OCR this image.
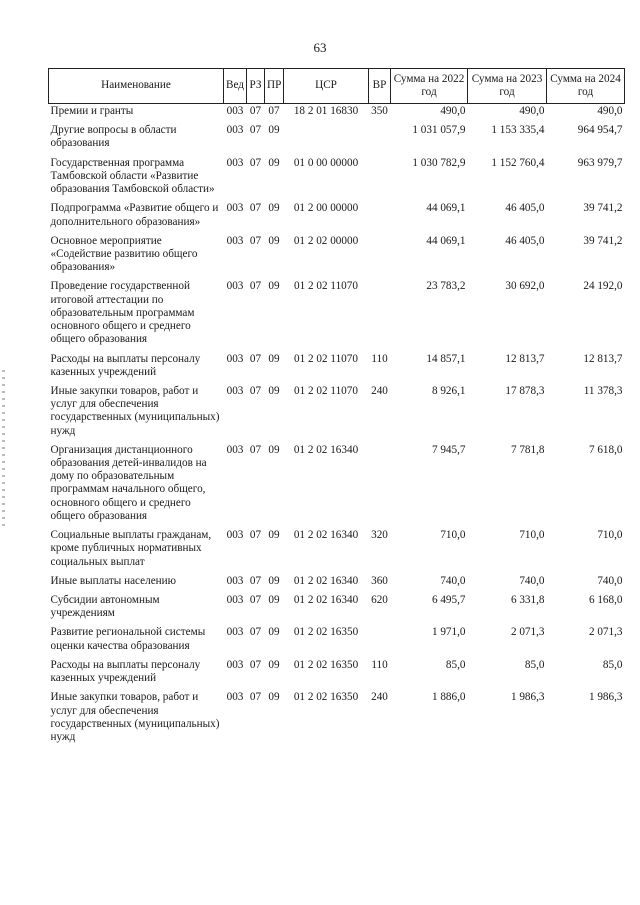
63
Наименование	Вед	РЗ	ПР	ЦСР	ВР	Сумма на 2022 год	Сумма на 2023 год	Сумма на 2024 год
Премии и гранты	003	07	07	18 2 01 16830	350	490,0	490,0	490,0
Другие вопросы в области образования	003	07	09			1 031 057,9	1 153 335,4	964 954,7
Государственная программа Тамбовской области «Развитие образования Тамбовской области»	003	07	09	01 0 00 00000		1 030 782,9	1 152 760,4	963 979,7
Подпрограмма «Развитие общего и дополнительного образования»	003	07	09	01 2 00 00000		44 069,1	46 405,0	39 741,2
Основное мероприятие «Содействие развитию общего образования»	003	07	09	01 2 02 00000		44 069,1	46 405,0	39 741,2
Проведение государственной итоговой аттестации по образовательным программам основного общего и среднего общего образования	003	07	09	01 2 02 11070		23 783,2	30 692,0	24 192,0
Расходы на выплаты персоналу казенных учреждений	003	07	09	01 2 02 11070	110	14 857,1	12 813,7	12 813,7
Иные закупки товаров, работ и услуг для обеспечения государственных (муниципальных) нужд	003	07	09	01 2 02 11070	240	8 926,1	17 878,3	11 378,3
Организация дистанционного образования детей-инвалидов на дому по образовательным программам начального общего, основного общего и среднего общего образования	003	07	09	01 2 02 16340		7 945,7	7 781,8	7 618,0
Социальные выплаты гражданам, кроме публичных нормативных социальных выплат	003	07	09	01 2 02 16340	320	710,0	710,0	710,0
Иные выплаты населению	003	07	09	01 2 02 16340	360	740,0	740,0	740,0
Субсидии автономным учреждениям	003	07	09	01 2 02 16340	620	6 495,7	6 331,8	6 168,0
Развитие региональной системы оценки качества образования	003	07	09	01 2 02 16350		1 971,0	2 071,3	2 071,3
Расходы на выплаты персоналу казенных учреждений	003	07	09	01 2 02 16350	110	85,0	85,0	85,0
Иные закупки товаров, работ и услуг для обеспечения государственных (муниципальных) нужд	003	07	09	01 2 02 16350	240	1 886,0	1 986,3	1 986,3
